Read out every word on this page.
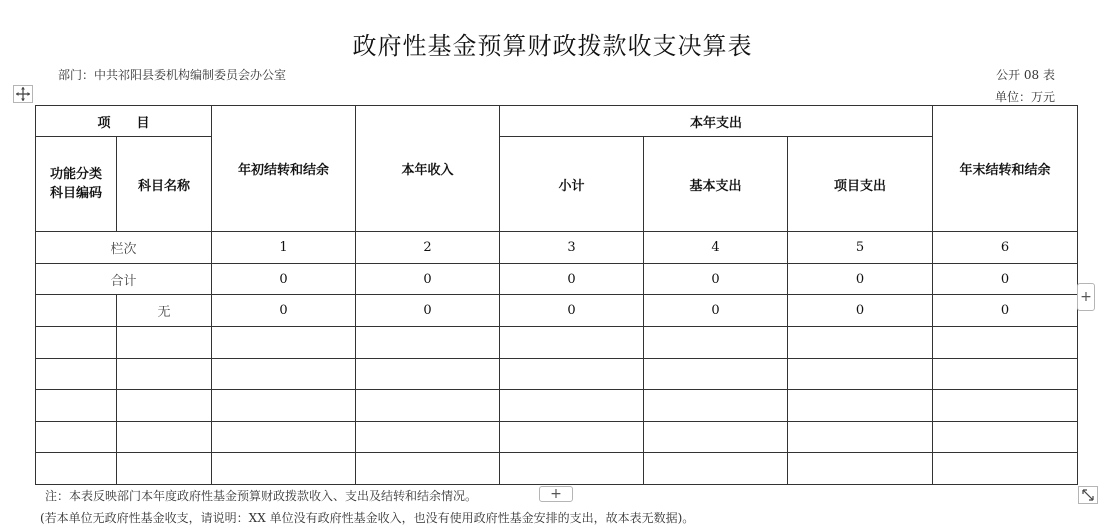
政府性基金预算财政拨款收支决算表
部门：中共祁阳县委机构编制委员会办公室	公开 08 表
单位：万元
项　　目		年初结转和结余	本年收入	本年支出			年末结转和结余
功能分类
科目编码	科目名称			小计	基本支出	项目支出	
栏次		1	2	3	4	5	6
合计		0	0	0	0	0	0
	无	0	0	0	0	0	0

+
注：本表反映部门本年度政府性基金预算财政拨款收入、支出及结转和结余情况。	+
(若本单位无政府性基金收支，请说明：XX 单位没有政府性基金收入，也没有使用政府性基金安排的支出，故本表无数据)。
